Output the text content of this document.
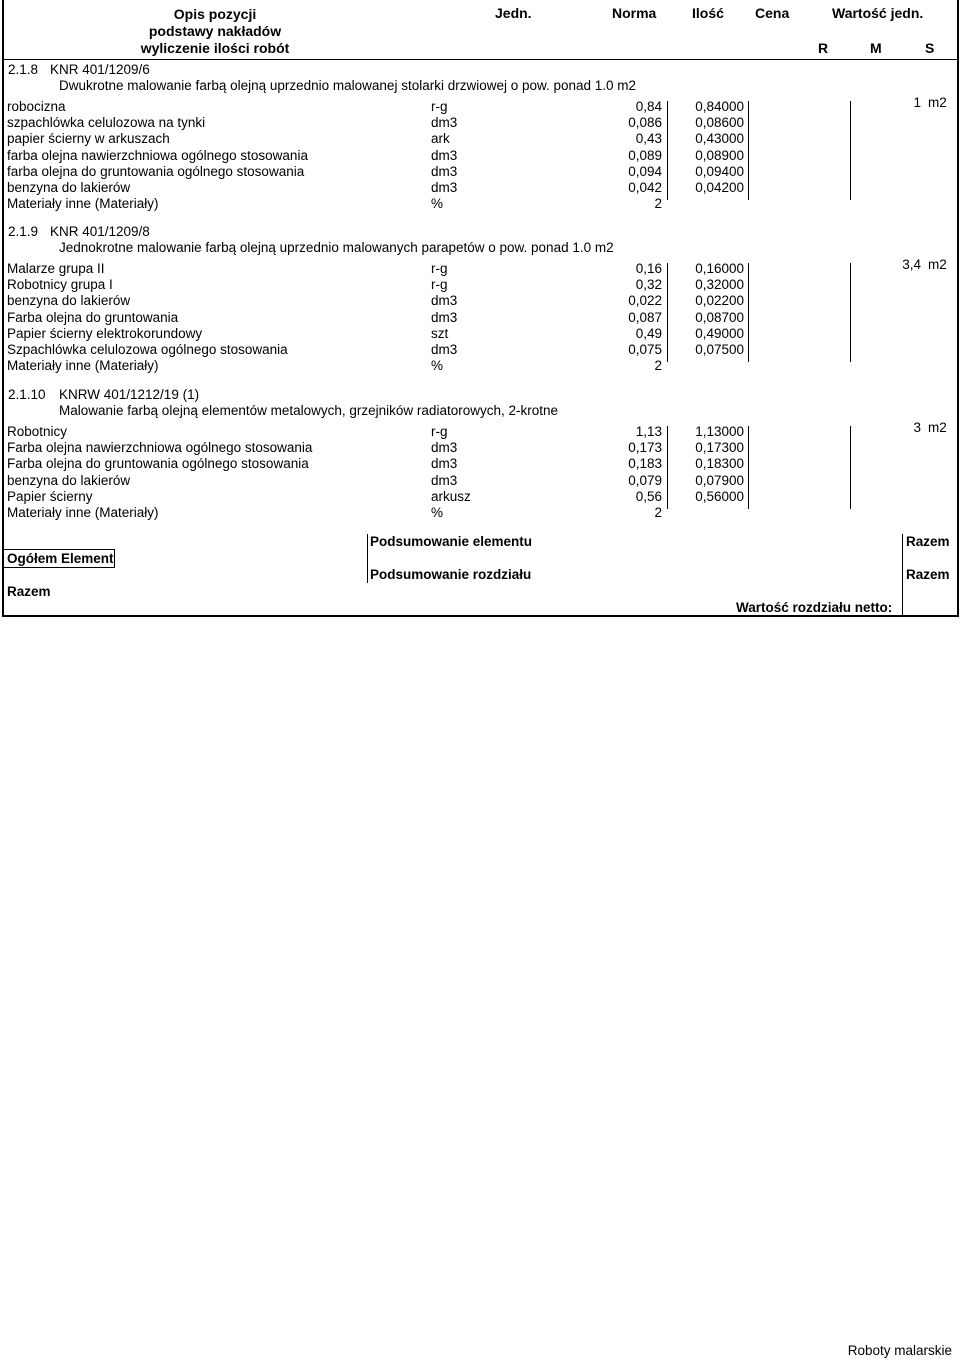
Opis pozycji
podstawy nakładów
wyliczenie ilości robót
Jedn.	Norma	Ilość Cena	Wartość jedn.
R	M	S
2.1.8 KNR 401/1209/6
Dwukrotne malowanie farbą olejną uprzednio malowanej stolarki drzwiowej o pow. ponad 1.0 m2
1 m2
robocizna	r-g	0,84 0,84000
szpachlówka celulozowa na tynki	dm3	0,086 0,08600
papier ścierny w arkuszach	ark	0,43 0,43000
farba olejna nawierzchniowa ogólnego stosowania	dm3	0,089 0,08900
farba olejna do gruntowania ogólnego stosowania	dm3	0,094 0,09400
benzyna do lakierów	dm3	0,042 0,04200
Materiały inne (Materiały)	%	2
2.1.9 KNR 401/1209/8
Jednokrotne malowanie farbą olejną uprzednio malowanych parapetów o pow. ponad 1.0 m2
3,4 m2
Malarze grupa II	r-g	0,16 0,16000
Robotnicy grupa I	r-g	0,32 0,32000
benzyna do lakierów	dm3	0,022 0,02200
Farba olejna do gruntowania	dm3	0,087 0,08700
Papier ścierny elektrokorundowy	szt	0,49 0,49000
Szpachlówka celulozowa ogólnego stosowania	dm3	0,075 0,07500
Materiały inne (Materiały)	%	2
2.1.10 KNRW 401/1212/19 (1)
Malowanie farbą olejną elementów metalowych, grzejników radiatorowych, 2-krotne
3 m2
Robotnicy	r-g	1,13 1,13000
Farba olejna nawierzchniowa ogólnego stosowania	dm3	0,173 0,17300
Farba olejna do gruntowania ogólnego stosowania	dm3	0,183 0,18300
benzyna do lakierów	dm3	0,079 0,07900
Papier ścierny	arkusz	0,56 0,56000
Materiały inne (Materiały)	%	2
Podsumowanie elementu	Razem
Ogółem Element
Podsumowanie rozdziału	Razem
Razem
Wartość rozdziału netto:
Roboty malarskie
